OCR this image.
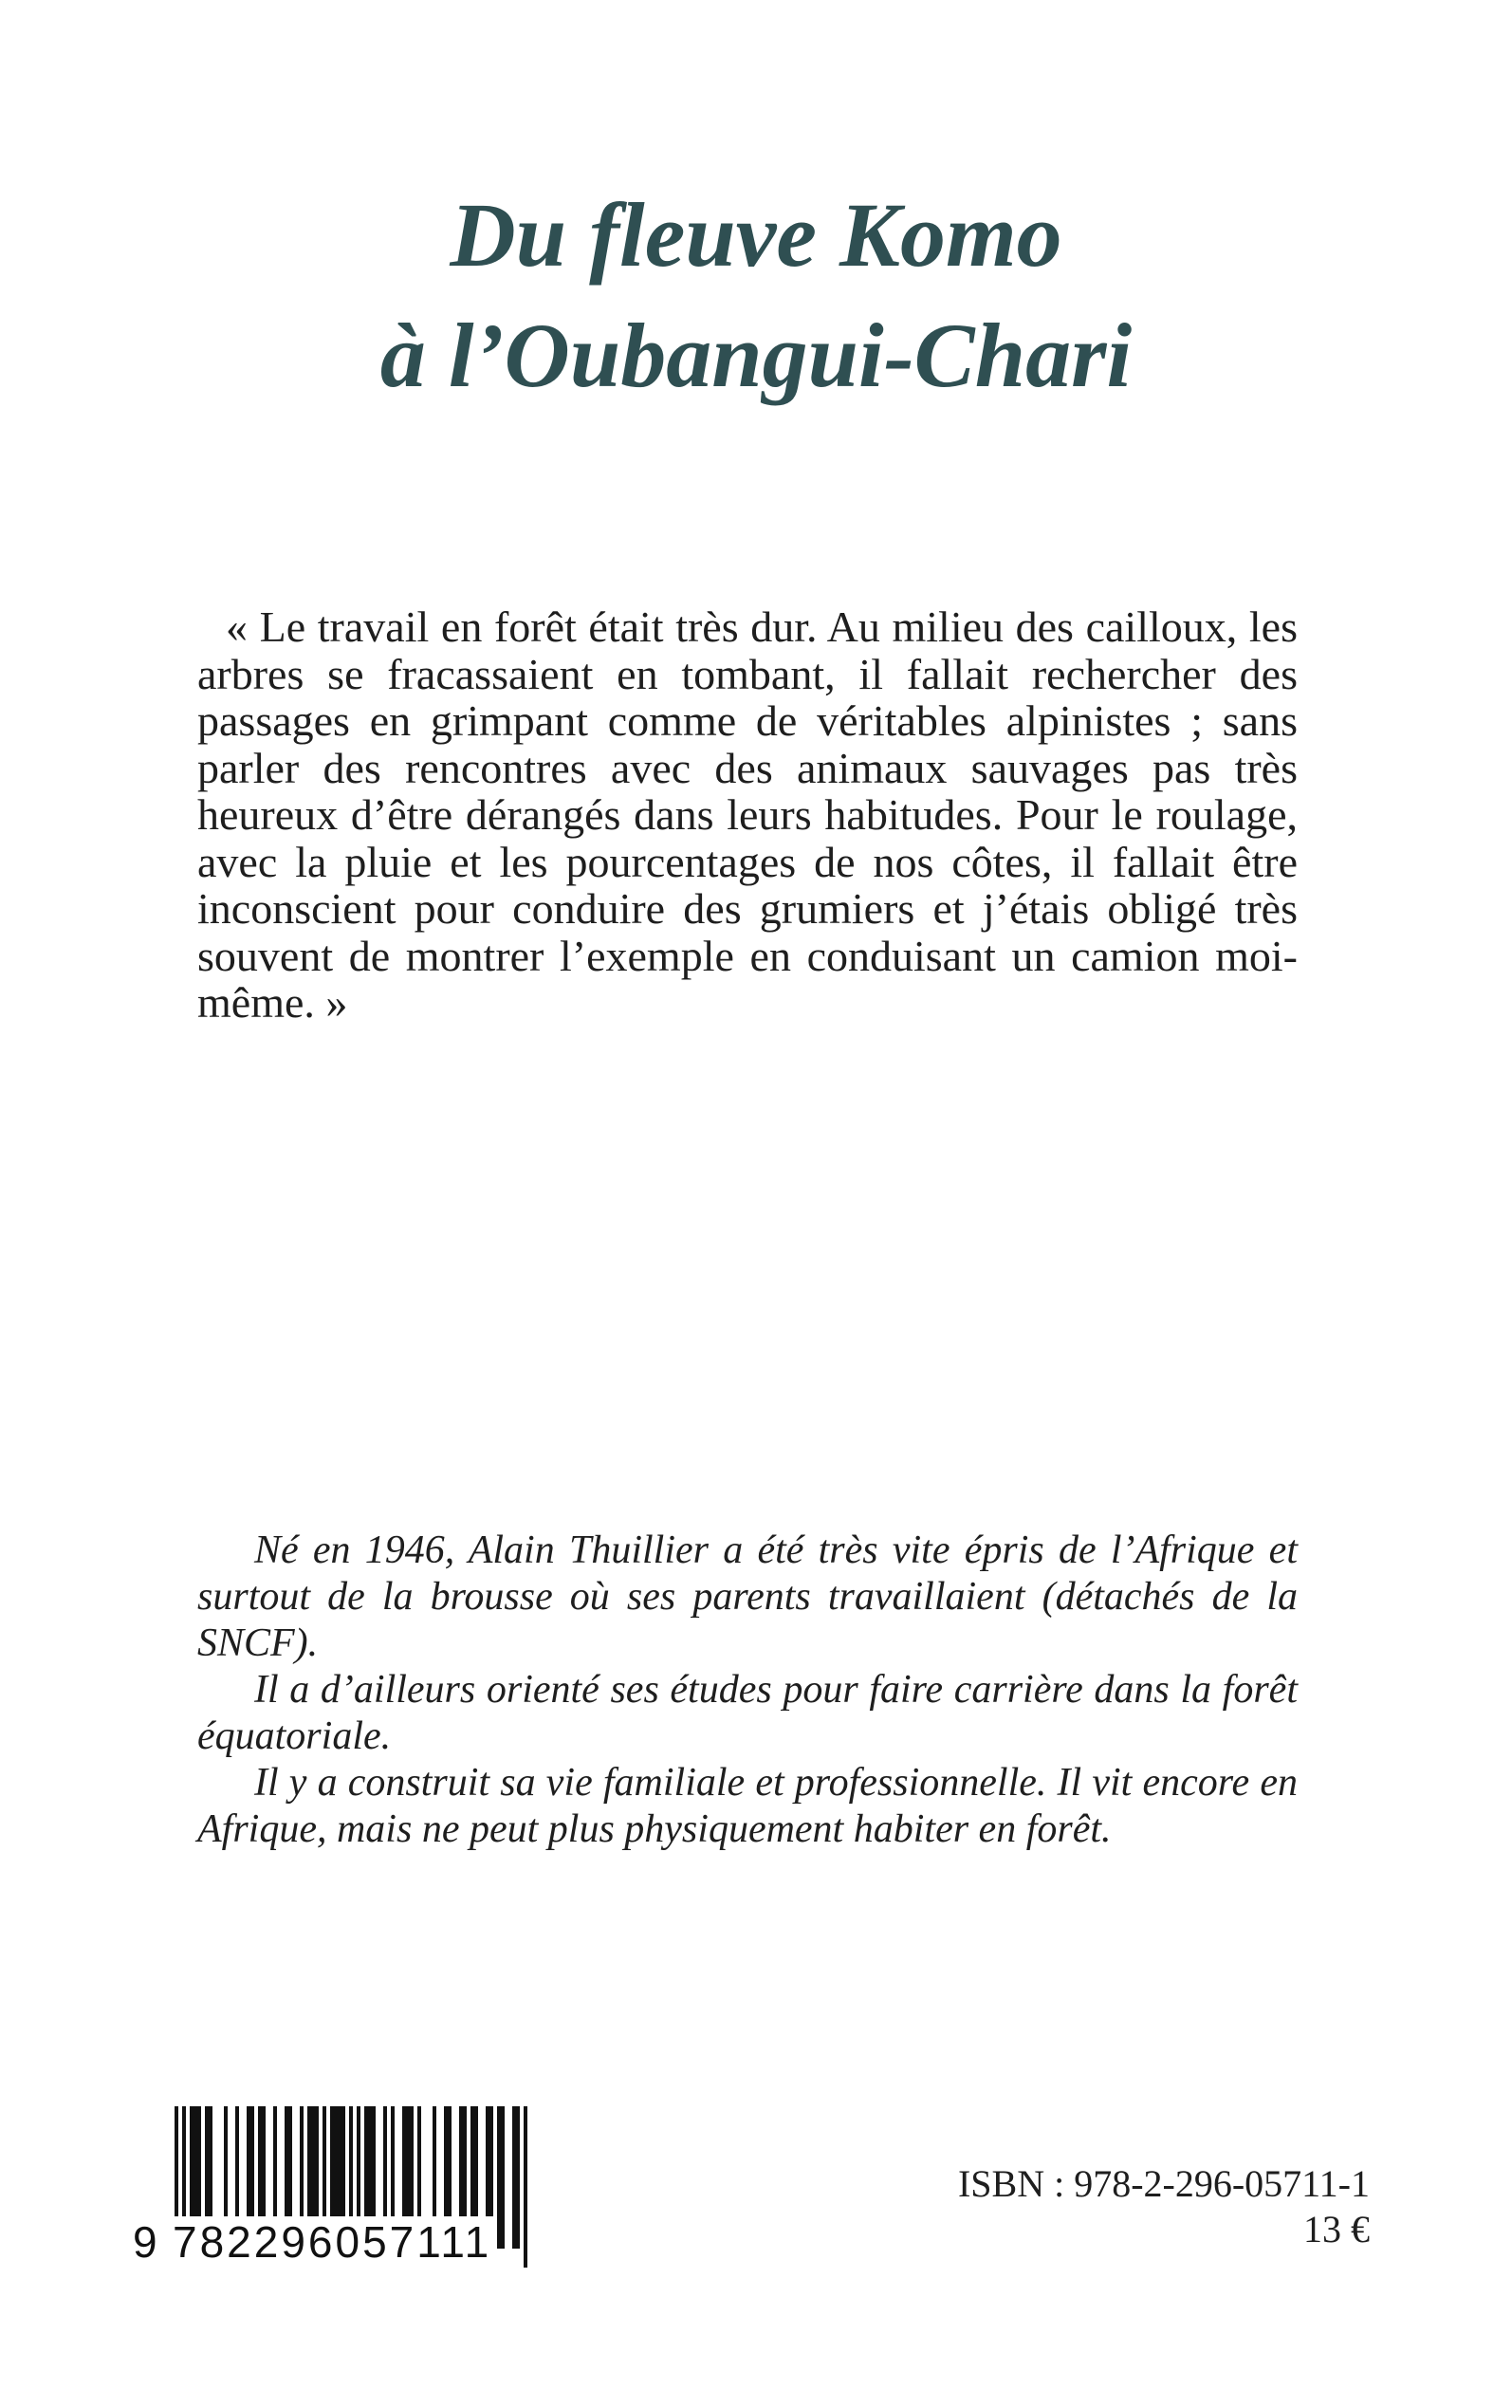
Du fleuve Komo
à l’Oubangui-Chari

« Le travail en forêt était très dur. Au milieu des cailloux, les arbres se fracassaient en tombant, il fallait rechercher des passages en grimpant comme de véritables alpinistes ; sans parler des rencontres avec des animaux sauvages pas très heureux d’être dérangés dans leurs habitudes. Pour le roulage, avec la pluie et les pourcentages de nos côtes, il fallait être inconscient pour conduire des grumiers et j’étais obligé très souvent de montrer l’exemple en conduisant un camion moi-même. »

Né en 1946, Alain Thuillier a été très vite épris de l’Afrique et surtout de la brousse où ses parents travaillaient (détachés de la SNCF).

Il a d’ailleurs orienté ses études pour faire carrière dans la forêt équatoriale.

Il y a construit sa vie familiale et professionnelle. Il vit encore en Afrique, mais ne peut plus physiquement habiter en forêt.

9 782296057111
ISBN : 978-2-296-05711-1
13 €
